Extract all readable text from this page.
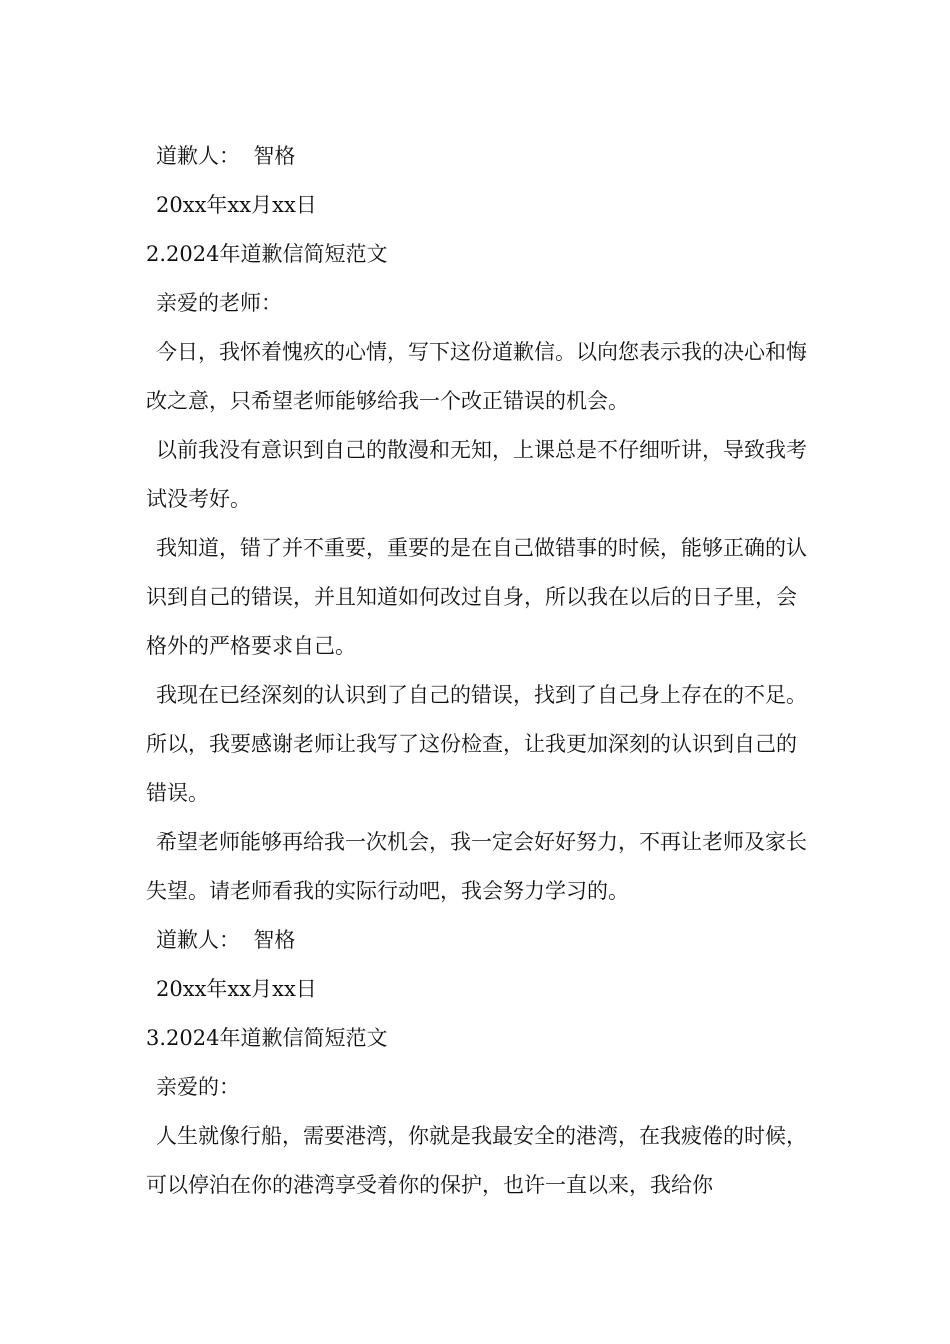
道歉人： 智格

20xx年xx月xx日

2.2024年道歉信简短范文

亲爱的老师：

今日，我怀着愧疚的心情，写下这份道歉信。以向您表示我的决心和悔改之意，只希望老师能够给我一个改正错误的机会。

以前我没有意识到自己的散漫和无知，上课总是不仔细听讲，导致我考试没考好。

我知道，错了并不重要，重要的是在自己做错事的时候，能够正确的认识到自己的错误，并且知道如何改过自身，所以我在以后的日子里，会格外的严格要求自己。

我现在已经深刻的认识到了自己的错误，找到了自己身上存在的不足。所以，我要感谢老师让我写了这份检查，让我更加深刻的认识到自己的错误。

希望老师能够再给我一次机会，我一定会好好努力，不再让老师及家长失望。请老师看我的实际行动吧，我会努力学习的。

道歉人： 智格

20xx年xx月xx日

3.2024年道歉信简短范文

亲爱的：

人生就像行船，需要港湾，你就是我最安全的港湾，在我疲倦的时候，可以停泊在你的港湾享受着你的保护，也许一直以来，我给你
